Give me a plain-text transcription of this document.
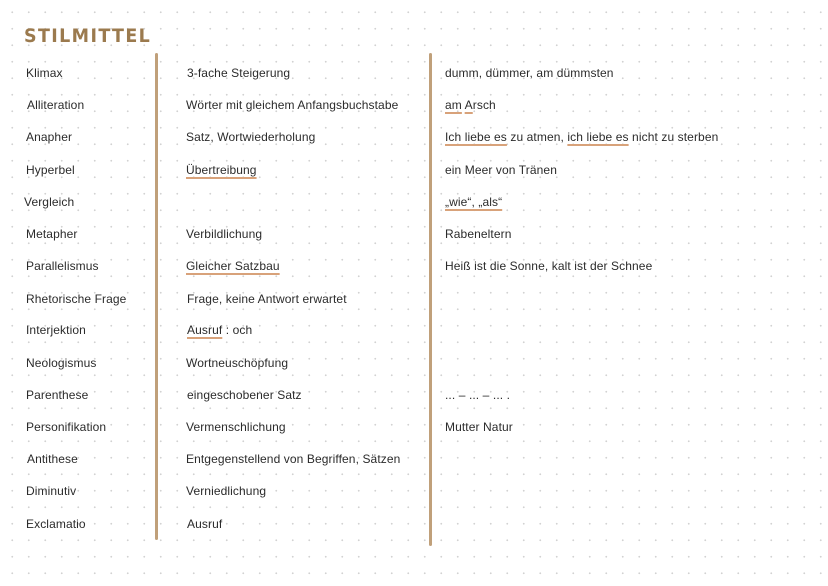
STILMITTEL
Klimax
Alliteration
Anapher
Hyperbel
Vergleich
Metapher
Parallelismus
Rhetorische Frage
Interjektion
Neologismus
Parenthese
Personifikation
Antithese
Diminutiv
Exclamatio
3-fache Steigerung
Wörter mit gleichem Anfangsbuchstabe
Satz, Wortwiederholung
Übertreibung
Verbildlichung
Gleicher Satzbau
Frage, keine Antwort erwartet
Ausruf : och
Wortneuschöpfung
eingeschobener Satz
Vermenschlichung
Entgegenstellend von Begriffen, Sätzen
Verniedlichung
Ausruf
dumm, dümmer, am dümmsten
am Arsch
Ich liebe es zu atmen, ich liebe es nicht zu sterben
ein Meer von Tränen
„wie“, „als“
Rabeneltern
Heiß ist die Sonne, kalt ist der Schnee
... – ... – ... .
Mutter Natur
